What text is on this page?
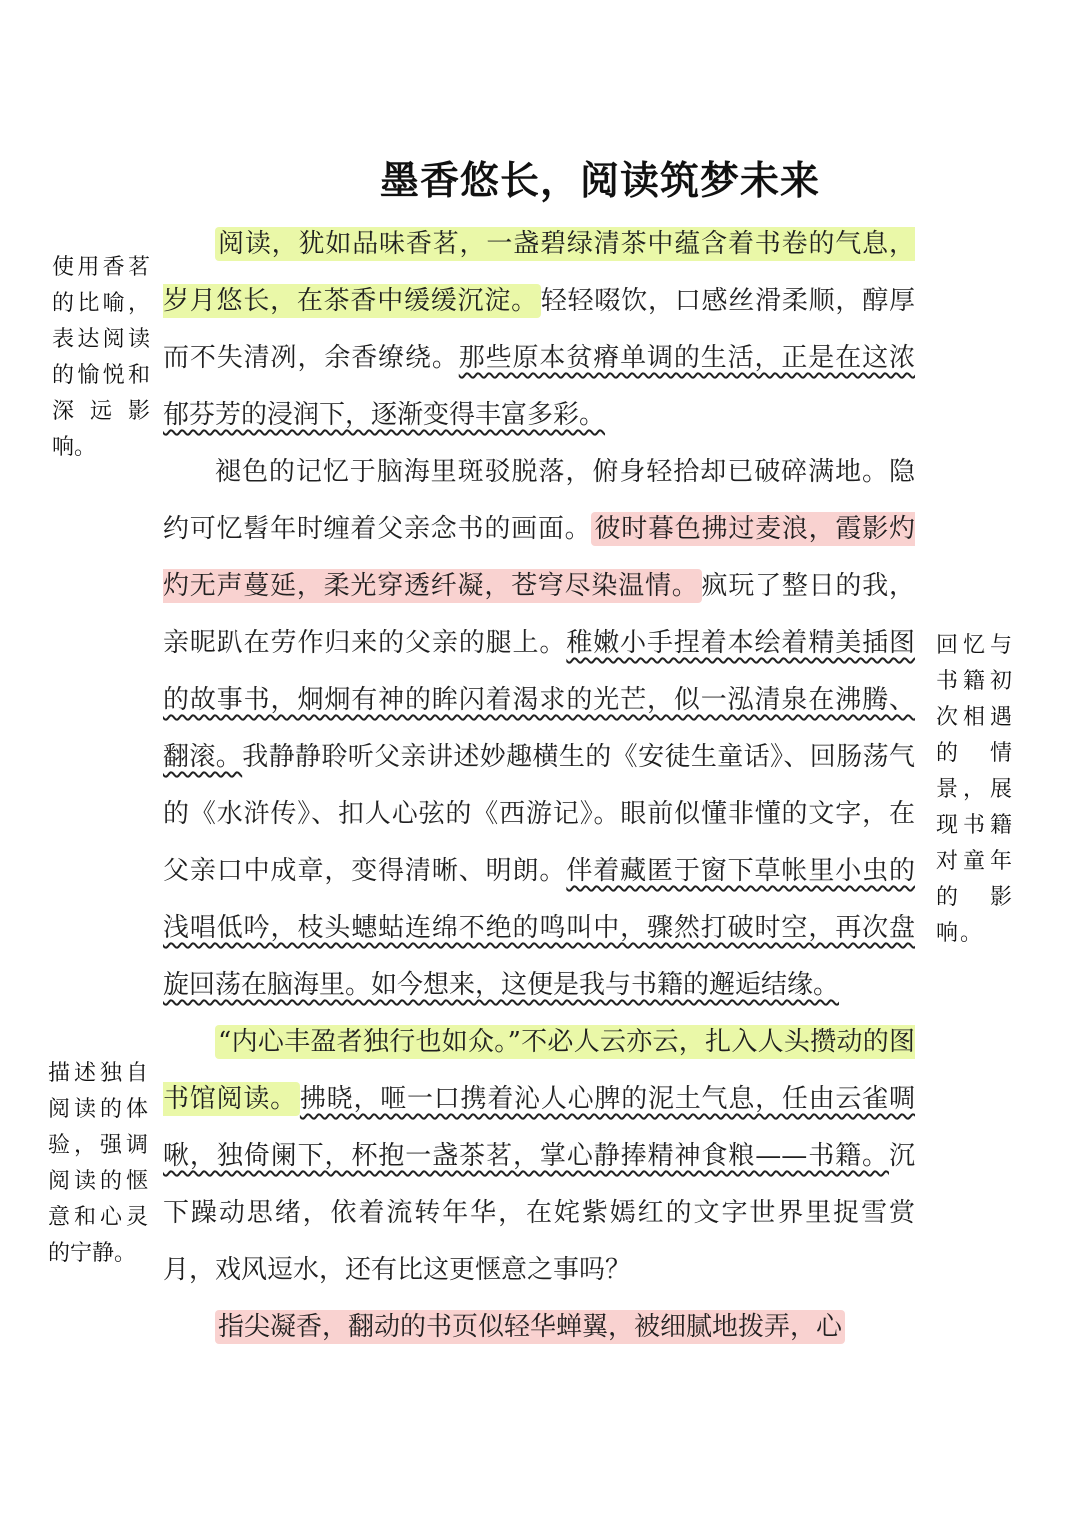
墨香悠长，阅读筑梦未来
使用香茗的比喻，表达阅读的愉悦和深远影响。
回忆与书籍初次相遇的情景，展现书籍对童年的影响。
描述独自阅读的体验，强调阅读的惬意和心灵的宁静。

阅读，犹如品味香茗，一盏碧绿清茶中蕴含着书卷的气息，岁月悠长，在茶香中缓缓沉淀。 轻轻啜饮，口感丝滑柔顺，醇厚而不失清冽，余香缭绕。那些原本贫瘠单调的生活，正是在这浓郁芬芳的浸润下，逐渐变得丰富多彩。

褪色的记忆于脑海里斑驳脱落，俯身轻拾却已破碎满地。隐约可忆髫年时缠着父亲念书的画面。 彼时暮色拂过麦浪，霞影灼灼无声蔓延，柔光穿透纤凝，苍穹尽染温情。 疯玩了整日的我，亲昵趴在劳作归来的父亲的腿上。稚嫩小手捏着本绘着精美插图的故事书，炯炯有神的眸闪着渴求的光芒，似一泓清泉在沸腾、翻滚。我静静聆听父亲讲述妙趣横生的《安徒生童话》、回肠荡气的《水浒传》、扣人心弦的《西游记》。眼前似懂非懂的文字，在父亲口中成章，变得清晰、明朗。伴着藏匿于窗下草帐里小虫的浅唱低吟，枝头蟪蛄连绵不绝的鸣叫中，骤然打破时空，再次盘旋回荡在脑海里。如今想来，这便是我与书籍的邂逅结缘。

“内心丰盈者独行也如众。”不必人云亦云，扎入人头攒动的图书馆阅读。 拂晓，咂一口携着沁人心脾的泥土气息，任由云雀啁啾，独倚阑下，杯抱一盏茶茗，掌心静捧精神食粮——书籍。沉下躁动思绪，依着流转年华，在姹紫嫣红的文字世界里捉雪赏月，戏风逗水，还有比这更惬意之事吗？

指尖凝香，翻动的书页似轻华蝉翼，被细腻地拨弄，心
